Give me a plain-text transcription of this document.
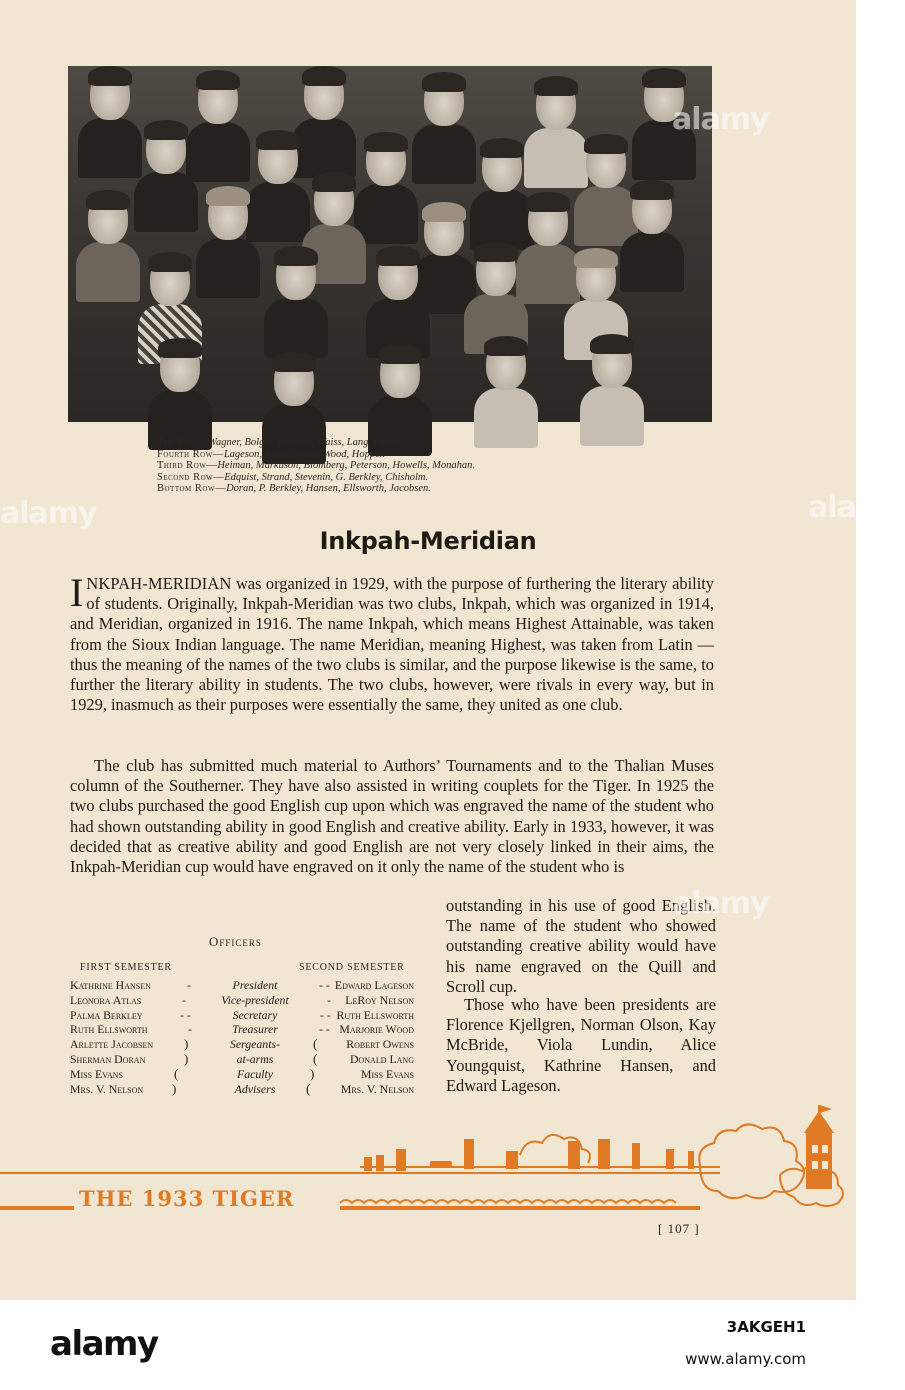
Top Row—Wagner, Bolger, Renlund, Waiss, Lang, Owens.
Fourth Row—Lageson, Boyle, Wilen, Wood, Hopper.
Third Row—Heiman, Markuson, Blomberg, Peterson, Howells, Monahan.
Second Row—Edquist, Strand, Stevenin, G. Berkley, Chisholm.
Bottom Row—Doran, P. Berkley, Hansen, Ellsworth, Jacobsen.
Inkpah-Meridian

INKPAH-MERIDIAN was organized in 1929, with the purpose of furthering the literary ability of students. Originally, Inkpah-Meridian was two clubs, Inkpah, which was organized in 1914, and Meridian, organized in 1916. The name Inkpah, which means Highest Attainable, was taken from the Sioux Indian language. The name Meridian, meaning Highest, was taken from Latin — thus the meaning of the names of the two clubs is similar, and the purpose likewise is the same, to further the literary ability in students. The two clubs, however, were rivals in every way, but in 1929, inasmuch as their purposes were essentially the same, they united as one club.

The club has submitted much material to Authors’ Tournaments and to the Thalian Muses column of the Southerner. They have also assisted in writing couplets for the Tiger. In 1925 the two clubs purchased the good English cup upon which was engraved the name of the student who had shown outstanding ability in good English and creative ability. Early in 1933, however, it was decided that as creative ability and good English are not very closely linked in their aims, the Inkpah-Meridian cup would have engraved on it only the name of the student who is

outstanding in his use of good English. The name of the student who showed outstanding creative ability would have his name engraved on the Quill and Scroll cup.

Those who have been presidents are Florence Kjellgren, Norman Olson, Kay McBride, Viola Lundin, Alice Youngquist, Kathrine Hansen, and Edward Lageson.

Officers
FIRST SEMESTER	SECOND SEMESTER
Kathrine Hansen	-	President	- - Edward Lageson
Leonora Atlas	-	Vice-president	- LeRoy Nelson
Palma Berkley	- -	Secretary	- - Ruth Ellsworth
Ruth Ellsworth	-	Treasurer	- - Marjorie Wood
Arlette Jacobsen )	Sergeants-	( Robert Owens
Sherman Doran	)	at-arms	(	Donald Lang
Miss Evans	(	Faculty	)	Miss Evans
Mrs. V. Nelson )	Advisers	(	Mrs. V. Nelson
THE 1933 TIGER
[ 107 ]
alamy
alamy	alamy
alamy
alamy	3AKGEH1
www.alamy.com
